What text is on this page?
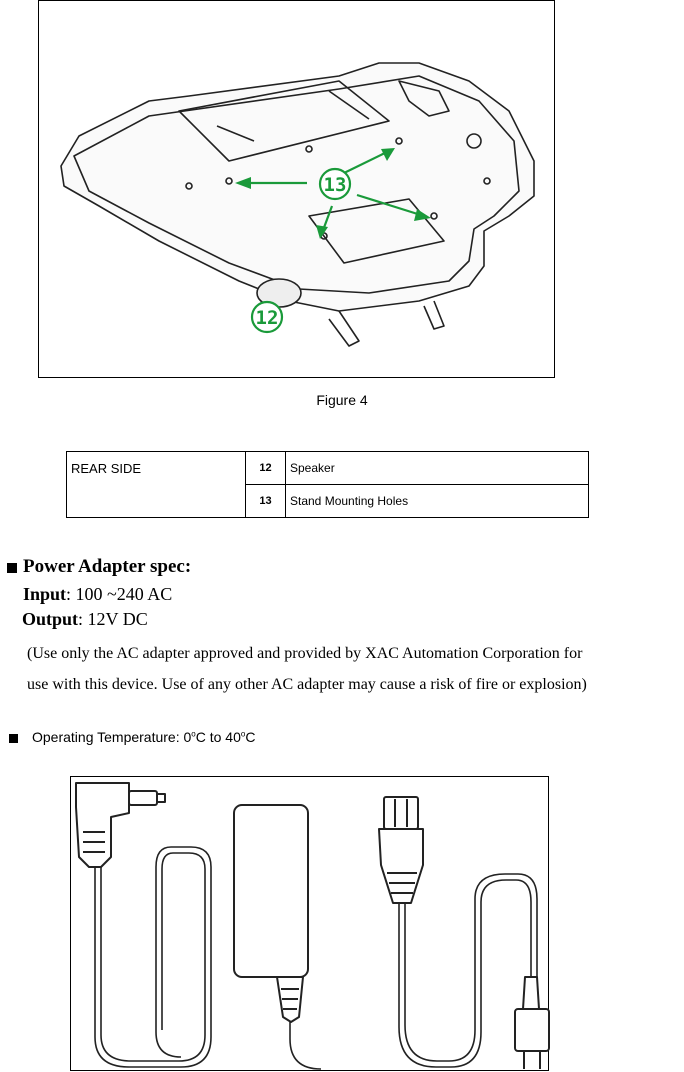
13
12
Figure 4
REAR SIDE	12	Speaker
	13	Stand Mounting Holes
Power Adapter spec:
Input: 100 ~240 AC
Output: 12V DC
(Use only the AC adapter approved and provided by XAC Automation Corporation for
use with this device. Use of any other AC adapter may cause a risk of fire or explosion)
Operating Temperature: 0$^o$C to 40$^o$C
